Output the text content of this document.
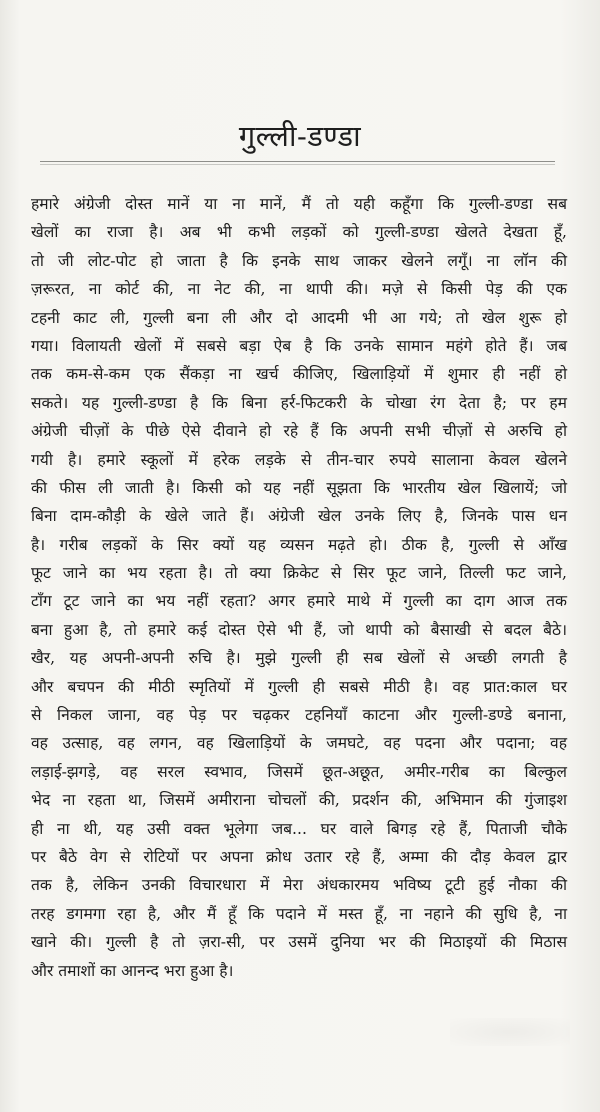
गुल्ली-डण्डा
हमारे अंग्रेजी दोस्त मानें या ना मानें, मैं तो यही कहूँगा कि गुल्ली-डण्डा सब
खेलों का राजा है। अब भी कभी लड़कों को गुल्ली-डण्डा खेलते देखता हूँ,
तो जी लोट-पोट हो जाता है कि इनके साथ जाकर खेलने लगूँ। ना लॉन की
ज़रूरत, ना कोर्ट की, ना नेट की, ना थापी की। मज़े से किसी पेड़ की एक
टहनी काट ली, गुल्ली बना ली और दो आदमी भी आ गये; तो खेल शुरू हो
गया। विलायती खेलों में सबसे बड़ा ऐब है कि उनके सामान महंगे होते हैं। जब
तक कम-से-कम एक सैंकड़ा ना खर्च कीजिए, खिलाड़ियों में शुमार ही नहीं हो
सकते। यह गुल्ली-डण्डा है कि बिना हर्र-फिटकरी के चोखा रंग देता है; पर हम
अंग्रेजी चीज़ों के पीछे ऐसे दीवाने हो रहे हैं कि अपनी सभी चीज़ों से अरुचि हो
गयी है। हमारे स्कूलों में हरेक लड़के से तीन-चार रुपये सालाना केवल खेलने
की फीस ली जाती है। किसी को यह नहीं सूझता कि भारतीय खेल खिलायें; जो
बिना दाम-कौड़ी के खेले जाते हैं। अंग्रेजी खेल उनके लिए है, जिनके पास धन
है। गरीब लड़कों के सिर क्यों यह व्यसन मढ़ते हो। ठीक है, गुल्ली से आँख
फूट जाने का भय रहता है। तो क्या क्रिकेट से सिर फूट जाने, तिल्ली फट जाने,
टाँग टूट जाने का भय नहीं रहता? अगर हमारे माथे में गुल्ली का दाग आज तक
बना हुआ है, तो हमारे कई दोस्त ऐसे भी हैं, जो थापी को बैसाखी से बदल बैठे।
खैर, यह अपनी-अपनी रुचि है। मुझे गुल्ली ही सब खेलों से अच्छी लगती है
और बचपन की मीठी स्मृतियों में गुल्ली ही सबसे मीठी है। वह प्रात:काल घर
से निकल जाना, वह पेड़ पर चढ़कर टहनियाँ काटना और गुल्ली-डण्डे बनाना,
वह उत्साह, वह लगन, वह खिलाड़ियों के जमघटे, वह पदना और पदाना; वह
लड़ाई-झगड़े, वह सरल स्वभाव, जिसमें छूत-अछूत, अमीर-गरीब का बिल्कुल
भेद ना रहता था, जिसमें अमीराना चोचलों की, प्रदर्शन की, अभिमान की गुंजाइश
ही ना थी, यह उसी वक्त भूलेगा जब... घर वाले बिगड़ रहे हैं, पिताजी चौके
पर बैठे वेग से रोटियों पर अपना क्रोध उतार रहे हैं, अम्मा की दौड़ केवल द्वार
तक है, लेकिन उनकी विचारधारा में मेरा अंधकारमय भविष्य टूटी हुई नौका की
तरह डगमगा रहा है, और मैं हूँ कि पदाने में मस्त हूँ, ना नहाने की सुधि है, ना
खाने की। गुल्ली है तो ज़रा-सी, पर उसमें दुनिया भर की मिठाइयों की मिठास
और तमाशों का आनन्द भरा हुआ है।
